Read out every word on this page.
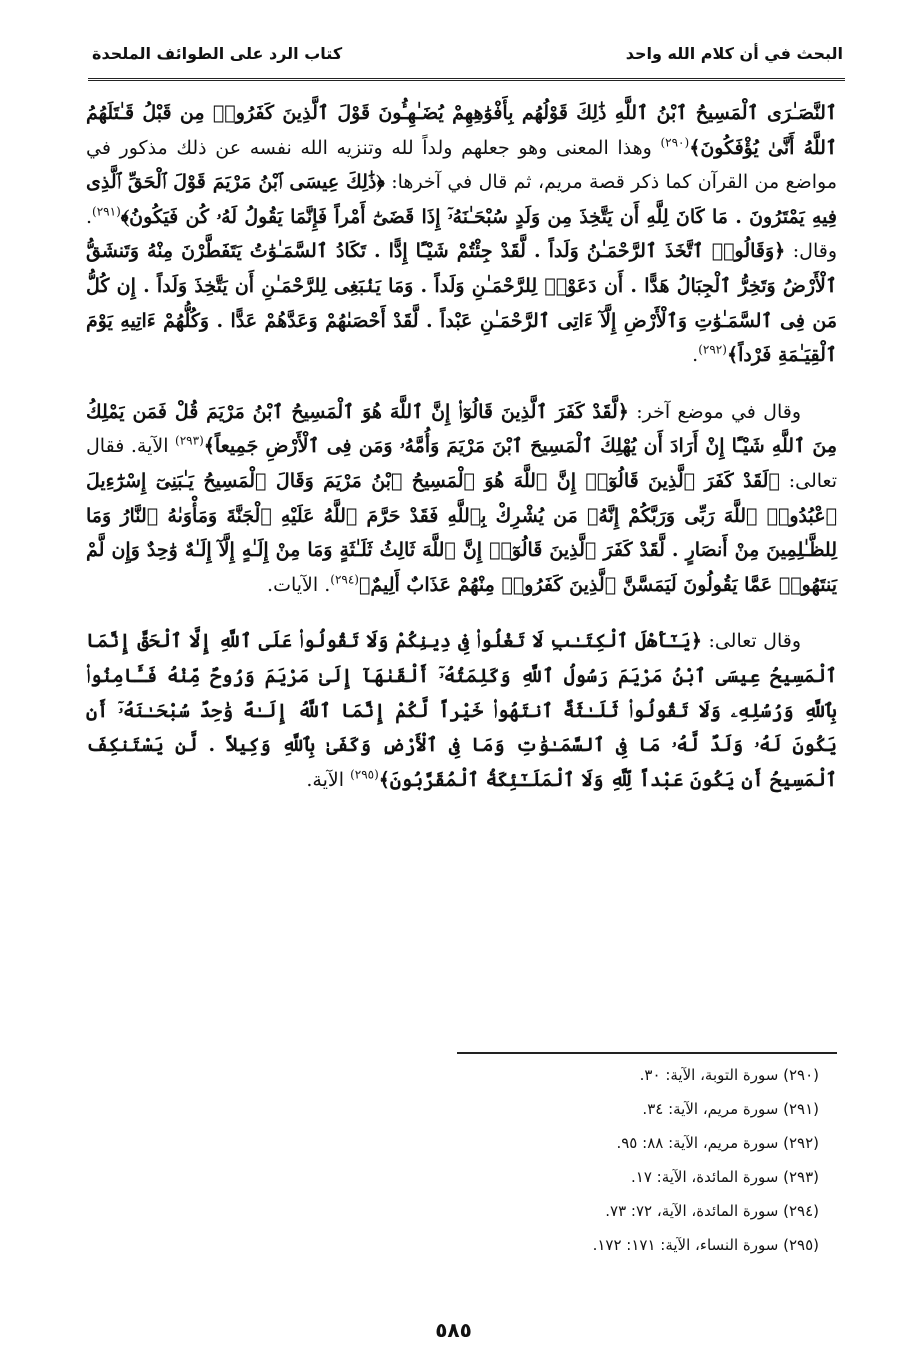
البحث في أن كلام الله واحد
كتاب الرد على الطوائف الملحدة

ٱلنَّصَـٰرَى ٱلْمَسِيحُ ٱبْنُ ٱللَّهِ ذَٰلِكَ قَوْلُهُم بِأَفْوَٰهِهِمْ يُضَـٰهِـُٔونَ قَوْلَ ٱلَّذِينَ كَفَرُوا۟ مِن قَبْلُ قَـٰتَلَهُمُ ٱللَّهُ أَنَّىٰ يُؤْفَكُونَ﴾$^{(٢٩٠)}$ وهذا المعنى وهو جعلهم ولداً لله وتنزيه الله نفسه عن ذلك مذكور في مواضع من القرآن كما ذكر قصة مريم، ثم قال في آخرها: ﴿ذَٰلِكَ عِيسَى ٱبْنُ مَرْيَمَ قَوْلَ ٱلْحَقِّ ٱلَّذِى فِيهِ يَمْتَرُونَ . مَا كَانَ لِلَّهِ أَن يَتَّخِذَ مِن وَلَدٍ سُبْحَـٰنَهُۥٓ إِذَا قَضَىٰٓ أَمْراً فَإِنَّمَا يَقُولُ لَهُۥ كُن فَيَكُونُ﴾$^{(٢٩١)}$. وقال: ﴿وَقَالُوا۟ ٱتَّخَذَ ٱلرَّحْمَـٰنُ وَلَداً . لَّقَدْ جِئْتُمْ شَيْـًٔا إِدًّا . تَكَادُ ٱلسَّمَـٰوَٰتُ يَتَفَطَّرْنَ مِنْهُ وَتَنشَقُّ ٱلْأَرْضُ وَتَخِرُّ ٱلْجِبَالُ هَدًّا . أَن دَعَوْا۟ لِلرَّحْمَـٰنِ وَلَداً . وَمَا يَنۢبَغِى لِلرَّحْمَـٰنِ أَن يَتَّخِذَ وَلَداً . إِن كُلُّ مَن فِى ٱلسَّمَـٰوَٰتِ وَٱلْأَرْضِ إِلَّآ ءَاتِى ٱلرَّحْمَـٰنِ عَبْداً . لَّقَدْ أَحْصَىٰهُمْ وَعَدَّهُمْ عَدًّا . وَكُلُّهُمْ ءَاتِيهِ يَوْمَ ٱلْقِيَـٰمَةِ فَرْداً﴾$^{(٢٩٢)}$.

وقال في موضع آخر: ﴿لَّقَدْ كَفَرَ ٱلَّذِينَ قَالُوٓا۟ إِنَّ ٱللَّهَ هُوَ ٱلْمَسِيحُ ٱبْنُ مَرْيَمَ قُلْ فَمَن يَمْلِكُ مِنَ ٱللَّهِ شَيْـًٔا إِنْ أَرَادَ أَن يُهْلِكَ ٱلْمَسِيحَ ٱبْنَ مَرْيَمَ وَأُمَّهُۥ وَمَن فِى ٱلْأَرْضِ جَمِيعاً﴾$^{(٢٩٣)}$ الآية. فقال تعالى: ﴿لَقَدْ كَفَرَ ٱلَّذِينَ قَالُوٓا۟ إِنَّ ٱللَّهَ هُوَ ٱلْمَسِيحُ ٱبْنُ مَرْيَمَ وَقَالَ ٱلْمَسِيحُ يَـٰبَنِىٓ إِسْرَٰٓءِيلَ ٱعْبُدُوا۟ ٱللَّهَ رَبِّى وَرَبَّكُمْ إِنَّهُۥ مَن يُشْرِكْ بِٱللَّهِ فَقَدْ حَرَّمَ ٱللَّهُ عَلَيْهِ ٱلْجَنَّةَ وَمَأْوَىٰهُ ٱلنَّارُ وَمَا لِلظَّـٰلِمِينَ مِنْ أَنصَارٍ . لَّقَدْ كَفَرَ ٱلَّذِينَ قَالُوٓا۟ إِنَّ ٱللَّهَ ثَالِثُ ثَلَـٰثَةٍ وَمَا مِنْ إِلَـٰهٍ إِلَّآ إِلَـٰهٌ وَٰحِدٌ وَإِن لَّمْ يَنتَهُوا۟ عَمَّا يَقُولُونَ لَيَمَسَّنَّ ٱلَّذِينَ كَفَرُوا۟ مِنْهُمْ عَذَابٌ أَلِيمٌ﴾$^{(٢٩٤)}$. الآيات.

وقال تعالى: ﴿يَـٰٓأَهْلَ ٱلْكِتَـٰبِ لَا تَغْلُوا۟ فِى دِينِكُمْ وَلَا تَقُولُوا۟ عَلَى ٱللَّهِ إِلَّا ٱلْحَقَّ إِنَّمَا ٱلْمَسِيحُ عِيسَى ٱبْنُ مَرْيَمَ رَسُولُ ٱللَّهِ وَكَلِمَتُهُۥٓ أَلْقَىٰهَآ إِلَىٰ مَرْيَمَ وَرُوحٌ مِّنْهُ فَـَٔامِنُوا۟ بِٱللَّهِ وَرُسُلِهِۦ وَلَا تَقُولُوا۟ ثَلَـٰثَةٌ ٱنتَهُوا۟ خَيْراً لَّكُمْ إِنَّمَا ٱللَّهُ إِلَـٰهٌ وَٰحِدٌ سُبْحَـٰنَهُۥٓ أَن يَكُونَ لَهُۥ وَلَدٌ لَّهُۥ مَا فِى ٱلسَّمَـٰوَٰتِ وَمَا فِى ٱلْأَرْضِ وَكَفَىٰ بِٱللَّهِ وَكِيلاً . لَّن يَسْتَنكِفَ ٱلْمَسِيحُ أَن يَكُونَ عَبْداً لِّلَّهِ وَلَا ٱلْمَلَـٰٓئِكَةُ ٱلْمُقَرَّبُونَ﴾$^{(٢٩٥)}$ الآية.

(٢٩٠) سورة التوبة، الآية: ٣٠.
(٢٩١) سورة مريم، الآية: ٣٤.
(٢٩٢) سورة مريم، الآية: ٨٨: ٩٥.
(٢٩٣) سورة المائدة، الآية: ١٧.
(٢٩٤) سورة المائدة، الآية، ٧٢: ٧٣.
(٢٩٥) سورة النساء، الآية: ١٧١: ١٧٢.
٥٨٥
